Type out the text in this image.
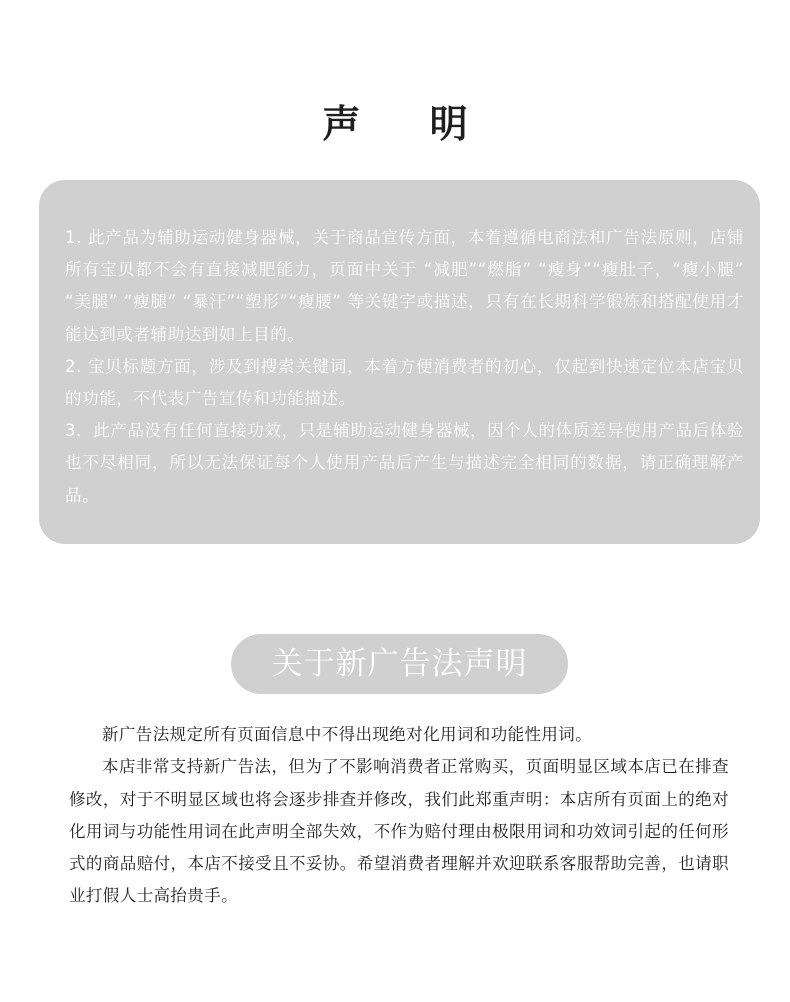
声 明

1. 此产品为辅助运动健身器械，关于商品宣传方面，本着遵循电商法和广告法原则，店铺所有宝贝都不会有直接减肥能力，页面中关于 “减肥”“燃脂” “瘦身”“瘦肚子，“瘦小腿” “美腿” “瘦腿” “暴汗”“塑形”“瘦腰” 等关键字或描述，只有在长期科学锻炼和搭配使用才能达到或者辅助达到如上目的。

2. 宝贝标题方面，涉及到搜索关键词，本着方便消费者的初心，仅起到快速定位本店宝贝的功能，不代表广告宣传和功能描述。

3．此产品没有任何直接功效，只是辅助运动健身器械，因个人的体质差异使用产品后体验也不尽相同，所以无法保证每个人使用产品后产生与描述完全相同的数据，请正确理解产品。

关于新广告法声明

新广告法规定所有页面信息中不得出现绝对化用词和功能性用词。

本店非常支持新广告法，但为了不影响消费者正常购买，页面明显区域本店已在排查修改，对于不明显区域也将会逐步排查并修改，我们此郑重声明：本店所有页面上的绝对化用词与功能性用词在此声明全部失效，不作为赔付理由极限用词和功效词引起的任何形式的商品赔付，本店不接受且不妥协。希望消费者理解并欢迎联系客服帮助完善，也请职业打假人士高抬贵手。
